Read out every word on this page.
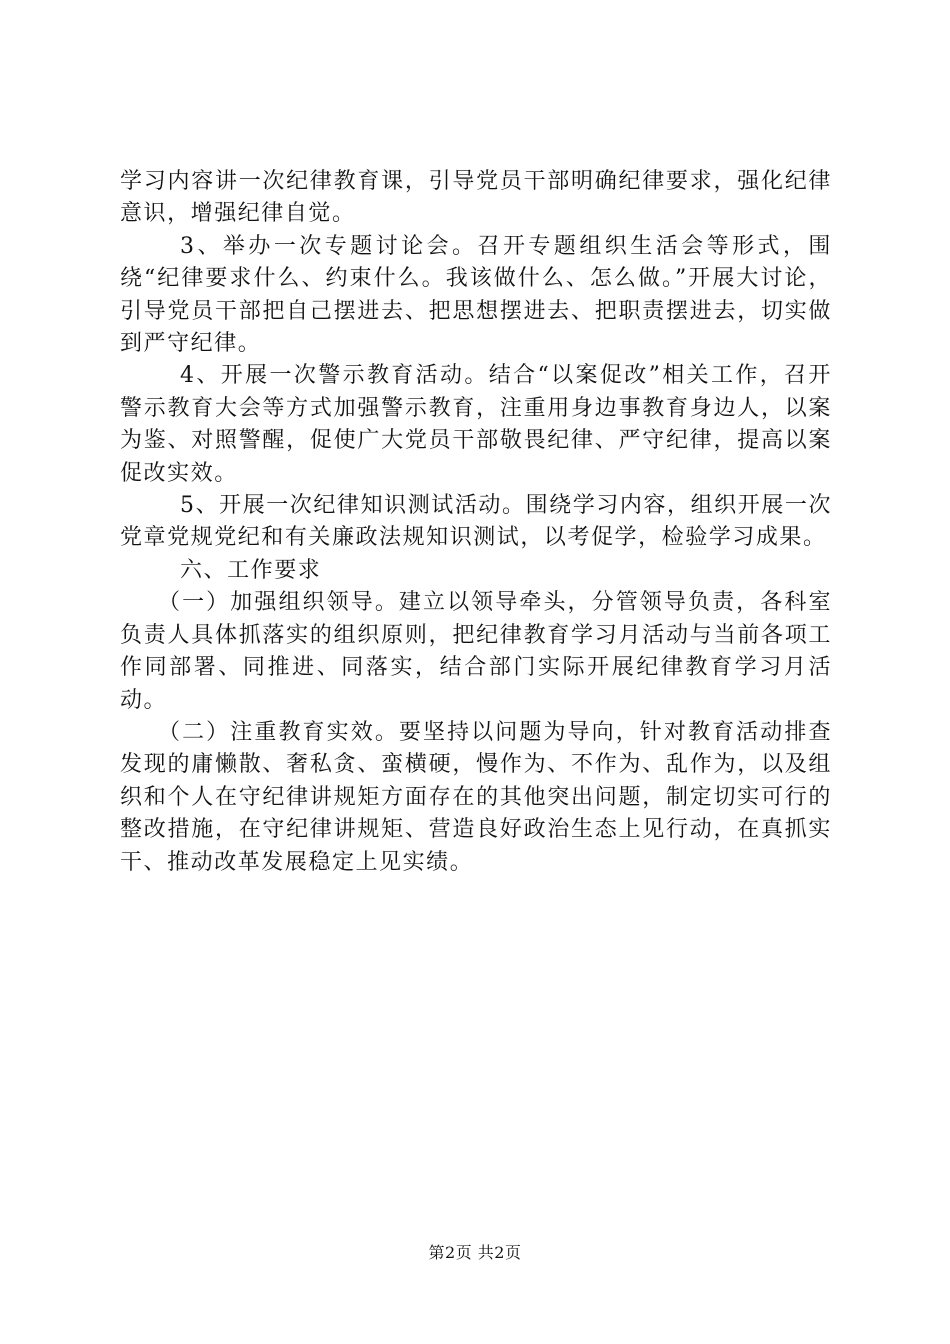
学习内容讲一次纪律教育课，引导党员干部明确纪律要求，强化纪律意识，增强纪律自觉。

3、举办一次专题讨论会。召开专题组织生活会等形式，围绕“纪律要求什么、约束什么。我该做什么、怎么做。”开展大讨论，引导党员干部把自己摆进去、把思想摆进去、把职责摆进去，切实做到严守纪律。

4、开展一次警示教育活动。结合“以案促改”相关工作，召开警示教育大会等方式加强警示教育，注重用身边事教育身边人，以案为鉴、对照警醒，促使广大党员干部敬畏纪律、严守纪律，提高以案促改实效。

5、开展一次纪律知识测试活动。围绕学习内容，组织开展一次党章党规党纪和有关廉政法规知识测试，以考促学，检验学习成果。

六、工作要求

（一）加强组织领导。建立以领导牵头，分管领导负责，各科室负责人具体抓落实的组织原则，把纪律教育学习月活动与当前各项工作同部署、同推进、同落实，结合部门实际开展纪律教育学习月活动。

（二）注重教育实效。要坚持以问题为导向，针对教育活动排查发现的庸懒散、奢私贪、蛮横硬，慢作为、不作为、乱作为，以及组织和个人在守纪律讲规矩方面存在的其他突出问题，制定切实可行的整改措施，在守纪律讲规矩、营造良好政治生态上见行动，在真抓实干、推动改革发展稳定上见实绩。

第2页 共2页
